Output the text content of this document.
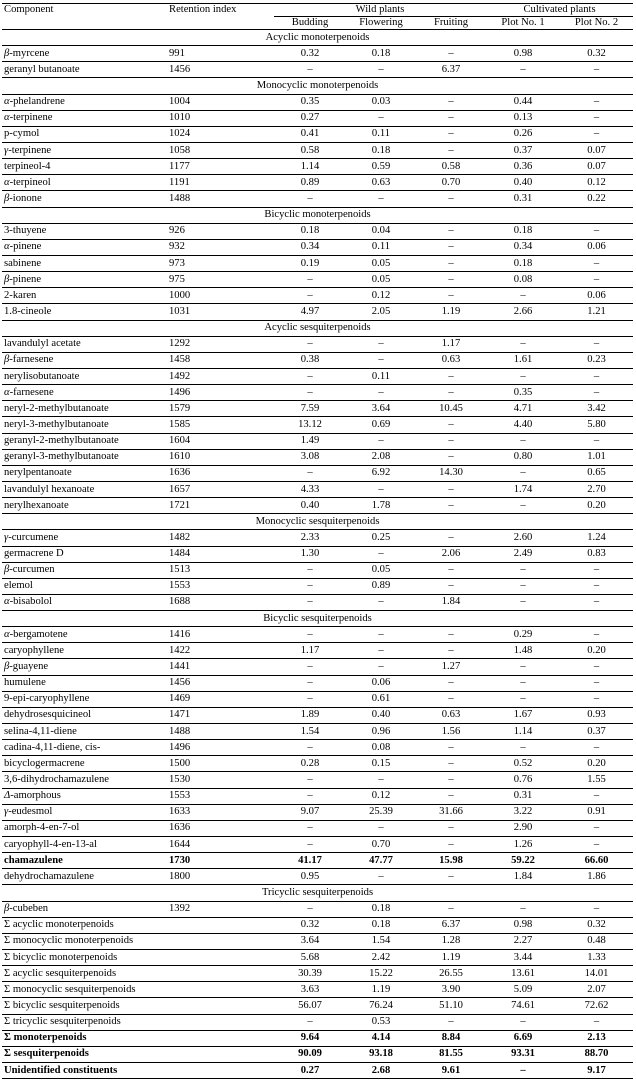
Component	Retention index	Wild plants			Cultivated plants	
		Budding	Flowering	Fruiting	Plot No. 1	Plot No. 2
Acyclic monoterpenoids						
β-myrcene	991	0.32	0.18	–	0.98	0.32
geranyl butanoate	1456	–	–	6.37	–	–
Monocyclic monoterpenoids						
α-phelandrene	1004	0.35	0.03	–	0.44	–
α-terpinene	1010	0.27	–	–	0.13	–
p-cymol	1024	0.41	0.11	–	0.26	–
γ-terpinene	1058	0.58	0.18	–	0.37	0.07
terpineol-4	1177	1.14	0.59	0.58	0.36	0.07
α-terpineol	1191	0.89	0.63	0.70	0.40	0.12
β-ionone	1488	–	–	–	0.31	0.22
Bicyclic monoterpenoids						
3-thuyene	926	0.18	0.04	–	0.18	–
α-pinene	932	0.34	0.11	–	0.34	0.06
sabinene	973	0.19	0.05	–	0.18	–
β-pinene	975	–	0.05	–	0.08	–
2-karen	1000	–	0.12	–	–	0.06
1.8-cineole	1031	4.97	2.05	1.19	2.66	1.21
Acyclic sesquiterpenoids						
lavandulyl acetate	1292	–	–	1.17	–	–
β-farnesene	1458	0.38	–	0.63	1.61	0.23
nerylisobutanoate	1492	–	0.11	–	–	–
α-farnesene	1496	–	–	–	0.35	–
neryl-2-methylbutanoate	1579	7.59	3.64	10.45	4.71	3.42
neryl-3-methylbutanoate	1585	13.12	0.69	–	4.40	5.80
geranyl-2-methylbutanoate	1604	1.49	–	–	–	–
geranyl-3-methylbutanoate	1610	3.08	2.08	–	0.80	1.01
nerylpentanoate	1636	–	6.92	14.30	–	0.65
lavandulyl hexanoate	1657	4.33	–	–	1.74	2.70
nerylhexanoate	1721	0.40	1.78	–	–	0.20
Monocyclic sesquiterpenoids						
γ-curcumene	1482	2.33	0.25	–	2.60	1.24
germacrene D	1484	1.30	–	2.06	2.49	0.83
β-curcumen	1513	–	0.05	–	–	–
elemol	1553	–	0.89	–	–	–
α-bisabolol	1688	–	–	1.84	–	–
Bicyclic sesquiterpenoids						
α-bergamotene	1416	–	–	–	0.29	–
caryophyllene	1422	1.17	–	–	1.48	0.20
β-guayene	1441	–	–	1.27	–	–
humulene	1456	–	0.06	–	–	–
9-epi-caryophyllene	1469	–	0.61	–	–	–
dehydrosesquicineol	1471	1.89	0.40	0.63	1.67	0.93
selina-4,11-diene	1488	1.54	0.96	1.56	1.14	0.37
cadina-4,11-diene, cis-	1496	–	0.08	–	–	–
bicyclogermacrene	1500	0.28	0.15	–	0.52	0.20
3,6-dihydrochamazulene	1530	–	–	–	0.76	1.55
Δ-amorphous	1553	–	0.12	–	0.31	–
γ-eudesmol	1633	9.07	25.39	31.66	3.22	0.91
amorph-4-en-7-ol	1636	–	–	–	2.90	–
caryophyll-4-en-13-al	1644	–	0.70	–	1.26	–
chamazulene	1730	41.17	47.77	15.98	59.22	66.60
dehydrochamazulene	1800	0.95	–	–	1.84	1.86
Tricyclic sesquiterpenoids						
β-cubeben	1392	–	0.18	–	–	–
Σ acyclic monoterpenoids		0.32	0.18	6.37	0.98	0.32
Σ monocyclic monoterpenoids		3.64	1.54	1.28	2.27	0.48
Σ bicyclic monoterpenoids		5.68	2.42	1.19	3.44	1.33
Σ acyclic sesquiterpenoids		30.39	15.22	26.55	13.61	14.01
Σ monocyclic sesquiterpenoids		3.63	1.19	3.90	5.09	2.07
Σ bicyclic sesquiterpenoids		56.07	76.24	51.10	74.61	72.62
Σ tricyclic sesquiterpenoids		–	0.53	–	–	–
Σ monoterpenoids		9.64	4.14	8.84	6.69	2.13
Σ sesquiterpenoids		90.09	93.18	81.55	93.31	88.70
Unidentified constituents		0.27	2.68	9.61	–	9.17
